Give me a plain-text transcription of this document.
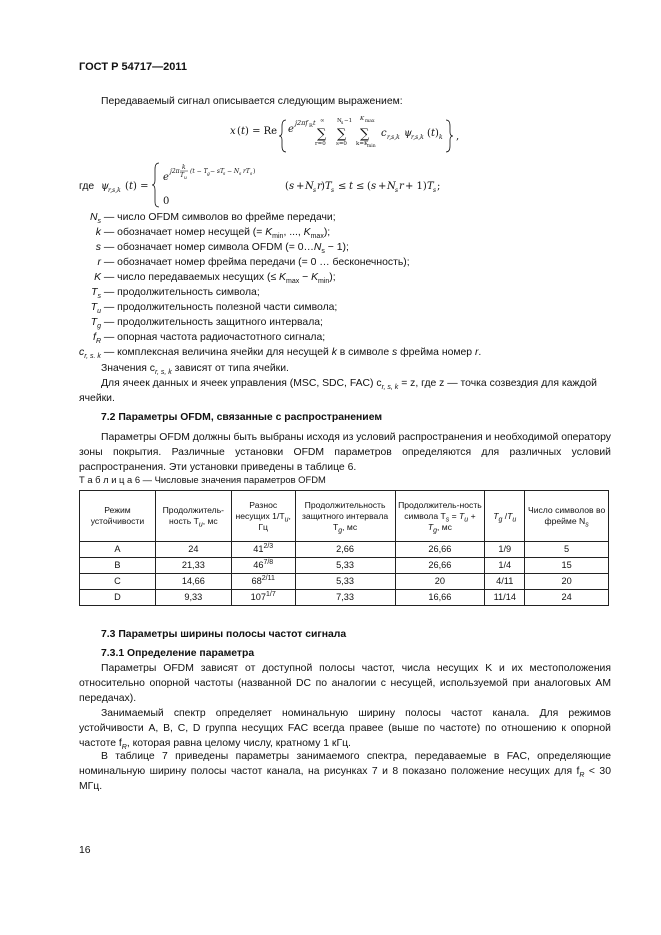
ГОСТ Р 54717—2011
Передаваемый сигнал описывается следующим выражением:
x ( t ) = Re e
j2πf R t ∞
∑
r=0
N s −1
∑
s=0
K max
∑
k=K
min
c r,s,k ψ r,s,k ( t ) k ,
где ψ r,s,k ( t ) =
e
j2π
k
T u
(t − T g − sT
s − N s rT s )
0
( s + N s r ) T s ≤ t ≤ ( s + N s r + 1) T s ;
$N_s$ — число OFDM символов во фрейме передачи;
k — обозначает номер несущей (= $K_{min}$, ..., $K_{max}$);
s — обозначает номер символа OFDM (= $0\dots N_s - 1$);
r — обозначает номер фрейма передачи (= 0 … бесконечность);
K — число передаваемых несущих (≤ $K_{max} - K_{min}$);
$T_s$ — продолжительность символа;
$T_u$ — продолжительность полезной части символа;
$T_g$ — продолжительность защитного интервала;
$f_R$ — опорная частота радиочастотного сигнала;
$c_{r, s. k}$ — комплексная величина ячейки для несущей k в символе s фрейма номер r.
Значения $c_{r, s, k}$ зависят от типа ячейки.
Для ячеек данных и ячеек управления (MSC, SDC, FAC) $c_{r, s, k} = z$, где z — точка созвездия для каждой ячейки.
7.2 Параметры OFDM, связанные с распространением
Параметры OFDM должны быть выбраны исходя из условий распространения и необходимой оператору зоны покрытия. Различные установки OFDM параметров определяются для различных условий распространения. Эти установки приведены в таблице 6.
Т а б л и ц а 6 — Числовые значения параметров OFDM
Режим устойчивости	Продолжитель-ность $T_u$, мс	Разнос несущих $1/T_u$, Гц	Продолжительность защитного интервала $T_g$, мс	Продолжитель-ность символа $T_s = T_u + T_g$, мс	$T_g$ $/T_u$	Число символов во фрейме $N_s$
A	24	$41^{2/3}$	2,66	26,66	1/9	5
B	21,33	$46^{7/8}$	5,33	26,66	1/4	15
C	14,66	$68^{2/11}$	5,33	20	4/11	20
D	9,33	$107^{1/7}$	7,33	16,66	11/14	24
7.3 Параметры ширины полосы частот сигнала
7.3.1 Определение параметра
Параметры OFDM зависят от доступной полосы частот, числа несущих K и их местоположения относительно опорной частоты (названной DC по аналогии с несущей, используемой при аналоговых AM передачах).
Занимаемый спектр определяет номинальную ширину полосы частот канала. Для режимов устойчивости A, B, C, D группа несущих FAC всегда правее (выше по частоте) по отношению к опорной частоте $f_R$, которая равна целому числу, кратному 1 кГц.
В таблице 7 приведены параметры занимаемого спектра, передаваемые в FAC, определяющие номинальную ширину полосы частот канала, на рисунках 7 и 8 показано положение несущих для $f_R < 30$ МГц.
16
